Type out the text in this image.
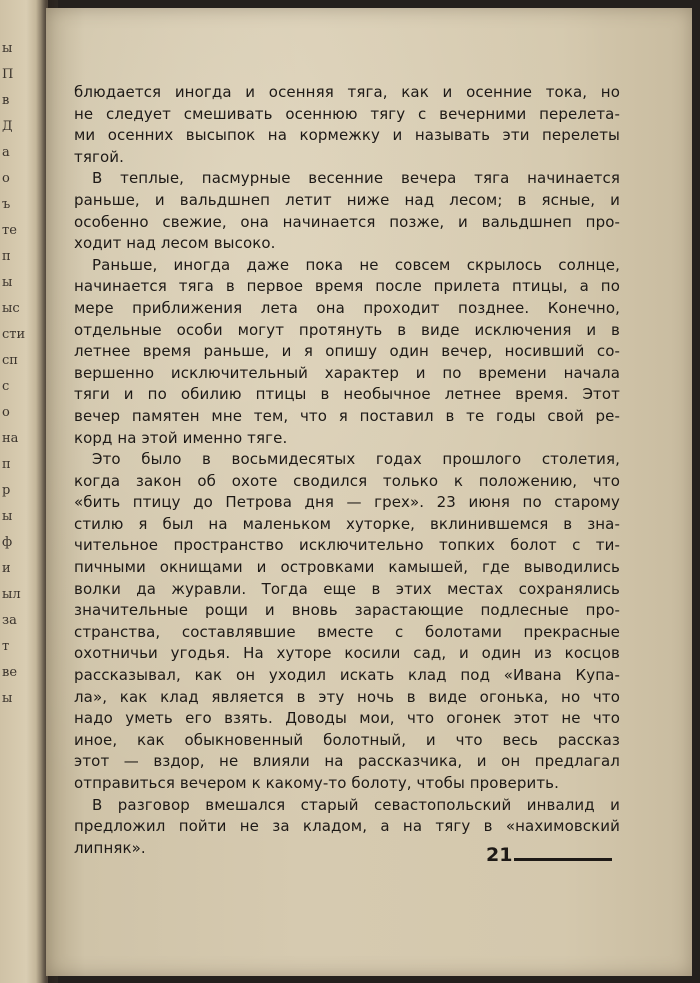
ы
П
в
Д
а
о
ъ
те
п
ы
ыс
сти
сп
с
о
на
п
р
ы
ф
и
ыл
за
т
ве
ы
блюдается иногда и осенняя тяга, как и осенние тока, но
не следует смешивать осеннюю тягу с вечерними перелета-
ми осенних высыпок на кормежку и называть эти перелеты
тягой.
В теплые, пасмурные весенние вечера тяга начинается
раньше, и вальдшнеп летит ниже над лесом; в ясные, и
особенно свежие, она начинается позже, и вальдшнеп про-
ходит над лесом высоко.
Раньше, иногда даже пока не совсем скрылось солнце,
начинается тяга в первое время после прилета птицы, а по
мере приближения лета она проходит позднее. Конечно,
отдельные особи могут протянуть в виде исключения и в
летнее время раньше, и я опишу один вечер, носивший со-
вершенно исключительный характер и по времени начала
тяги и по обилию птицы в необычное летнее время. Этот
вечер памятен мне тем, что я поставил в те годы свой ре-
корд на этой именно тяге.
Это было в восьмидесятых годах прошлого столетия,
когда закон об охоте сводился только к положению, что
«бить птицу до Петрова дня — грех». 23 июня по старому
стилю я был на маленьком хуторке, вклинившемся в зна-
чительное пространство исключительно топких болот с ти-
пичными окнищами и островками камышей, где выводились
волки да журавли. Тогда еще в этих местах сохранялись
значительные рощи и вновь зарастающие подлесные про-
странства, составлявшие вместе с болотами прекрасные
охотничьи угодья. На хуторе косили сад, и один из косцов
рассказывал, как он уходил искать клад под «Ивана Купа-
ла», как клад является в эту ночь в виде огонька, но что
надо уметь его взять. Доводы мои, что огонек этот не что
иное, как обыкновенный болотный, и что весь рассказ
этот — вздор, не влияли на рассказчика, и он предлагал
отправиться вечером к какому-то болоту, чтобы проверить.
В разговор вмешался старый севастопольский инвалид и
предложил пойти не за кладом, а на тягу в «нахимовский
липняк».	21
